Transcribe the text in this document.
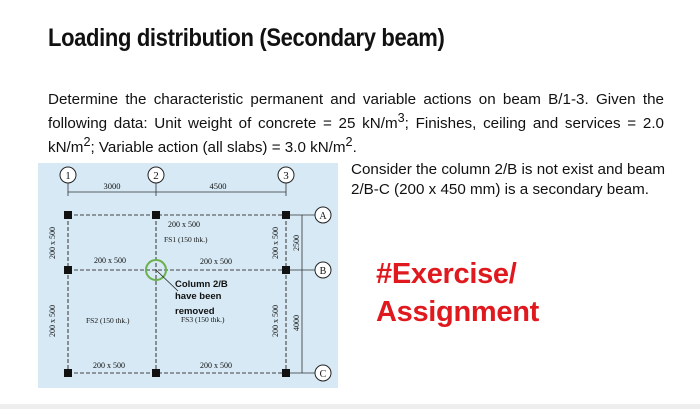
Loading distribution (Secondary beam)
Determine the characteristic permanent and variable actions on beam B/1-3. Given the following data: Unit weight of concrete = 25 $kN/m^3$; Finishes, ceiling and services = 2.0 $kN/m^2$; Variable action (all slabs) = 3.0 $kN/m^2$.
1	2	3
3000	4500
A
B
C
2500
4000
200 x 500
FS1 (150 thk.)
200 x 500	200 x 500
Column 2/B
have been
removed
FS3 (150 thk.)
FS2 (150 thk.)
200 x 500	200 x 500
200 x 500
200 x 500
200 x 500
200 x 500
Consider the column 2/B is not exist and beam 2/B-C (200 x 450 mm) is a secondary beam.
#Exercise/
Assignment
